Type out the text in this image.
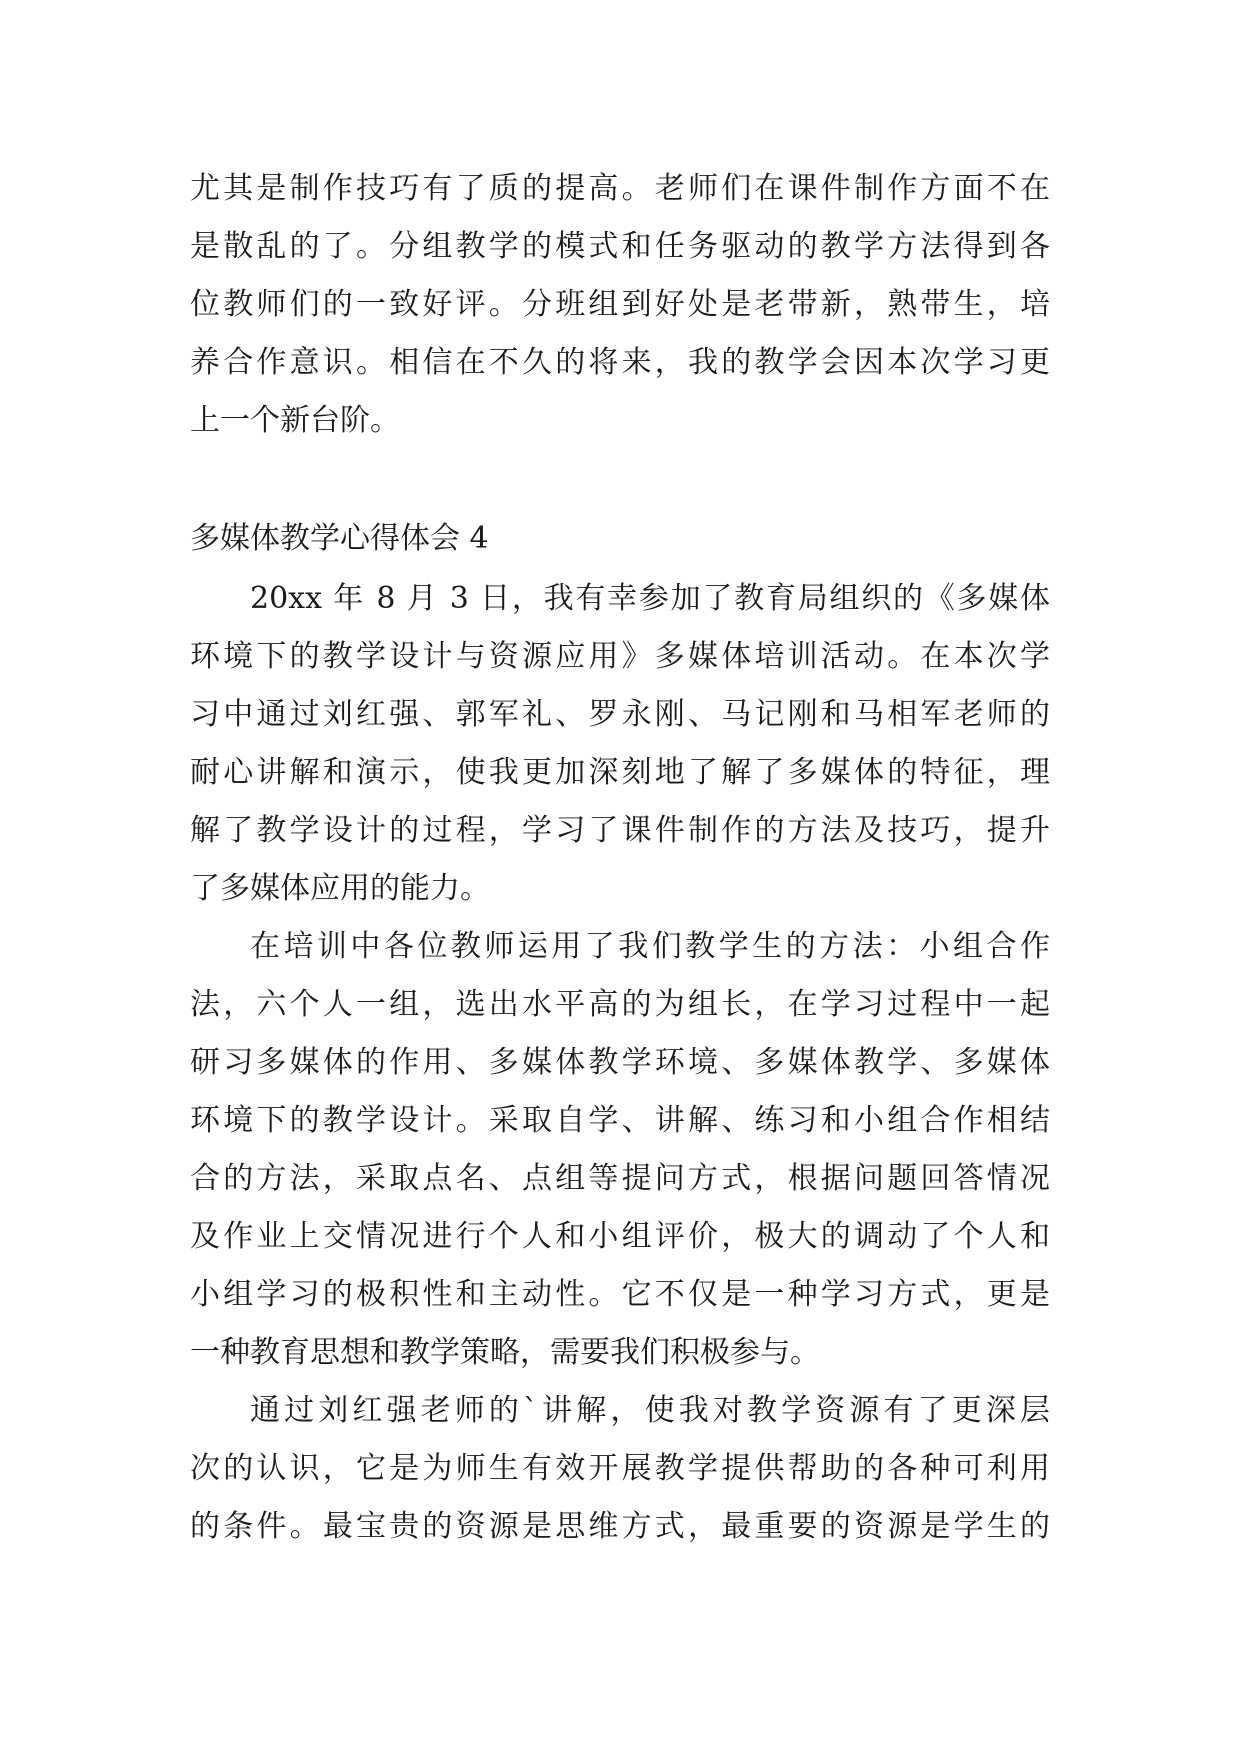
尤其是制作技巧有了质的提高。老师们在课件制作方面不在
是散乱的了。分组教学的模式和任务驱动的教学方法得到各
位教师们的一致好评。分班组到好处是老带新，熟带生，培
养合作意识。相信在不久的将来，我的教学会因本次学习更
上一个新台阶。
多媒体教学心得体会 4
20xx 年 8 月 3 日，我有幸参加了教育局组织的《多媒体
环境下的教学设计与资源应用》多媒体培训活动。在本次学
习中通过刘红强、郭军礼、罗永刚、马记刚和马相军老师的
耐心讲解和演示，使我更加深刻地了解了多媒体的特征，理
解了教学设计的过程，学习了课件制作的方法及技巧，提升
了多媒体应用的能力。
在培训中各位教师运用了我们教学生的方法：小组合作
法，六个人一组，选出水平高的为组长，在学习过程中一起
研习多媒体的作用、多媒体教学环境、多媒体教学、多媒体
环境下的教学设计。采取自学、讲解、练习和小组合作相结
合的方法，采取点名、点组等提问方式，根据问题回答情况
及作业上交情况进行个人和小组评价，极大的调动了个人和
小组学习的极积性和主动性。它不仅是一种学习方式，更是
一种教育思想和教学策略，需要我们积极参与。
通过刘红强老师的`讲解，使我对教学资源有了更深层
次的认识，它是为师生有效开展教学提供帮助的各种可利用
的条件。最宝贵的资源是思维方式，最重要的资源是学生的
